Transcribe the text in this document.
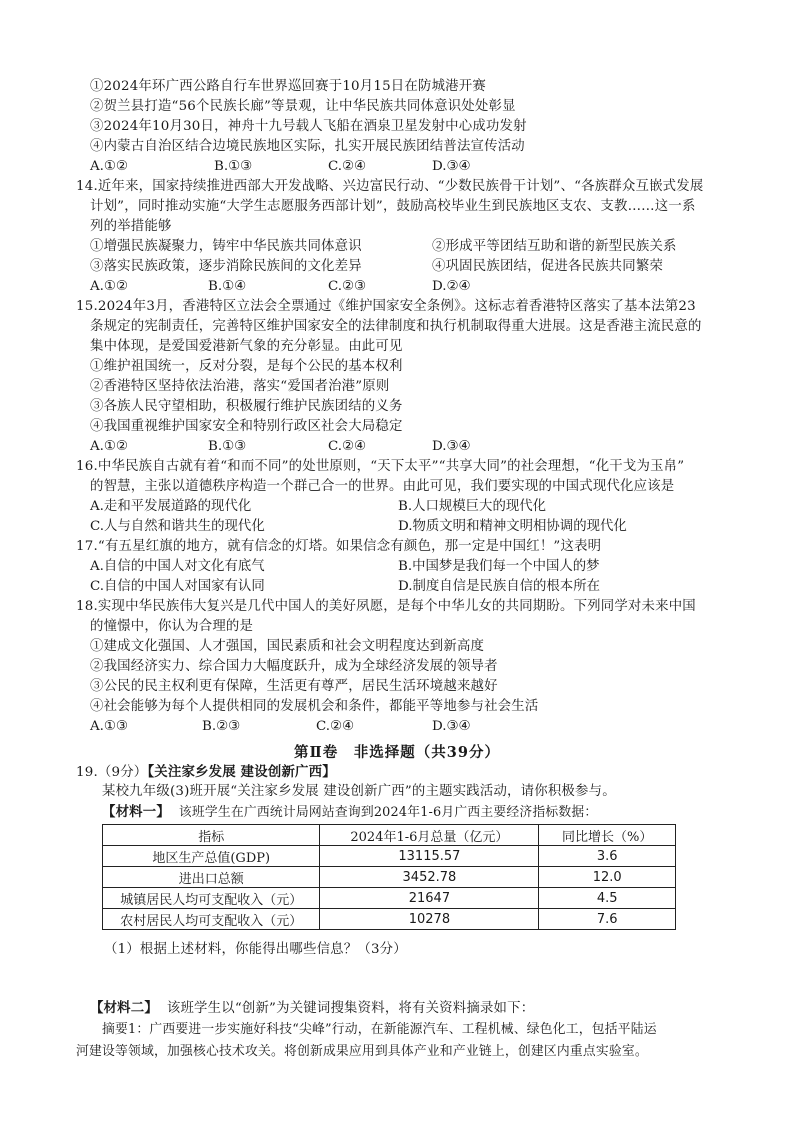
①2024年环广西公路自行车世界巡回赛于10月15日在防城港开赛
②贺兰县打造“56个民族长廊”等景观，让中华民族共同体意识处处彰显
③2024年10月30日，神舟十九号载人飞船在酒泉卫星发射中心成功发射
④内蒙古自治区结合边境民族地区实际，扎实开展民族团结普法宣传活动
A.①②	B.①③	C.②④	D.③④
14.近年来，国家持续推进西部大开发战略、兴边富民行动、“少数民族骨干计划”、“各族群众互嵌式发展
计划”，同时推动实施“大学生志愿服务西部计划”，鼓励高校毕业生到民族地区支农、支教……这一系
列的举措能够
①增强民族凝聚力，铸牢中华民族共同体意识	②形成平等团结互助和谐的新型民族关系
③落实民族政策，逐步消除民族间的文化差异	④巩固民族团结，促进各民族共同繁荣
A.①②	B.①④	C.②③	D.②④
15.2024年3月，香港特区立法会全票通过《维护国家安全条例》。这标志着香港特区落实了基本法第23
条规定的宪制责任，完善特区维护国家安全的法律制度和执行机制取得重大进展。这是香港主流民意的
集中体现，是爱国爱港新气象的充分彰显。由此可见
①维护祖国统一，反对分裂，是每个公民的基本权利
②香港特区坚持依法治港，落实“爱国者治港”原则
③各族人民守望相助，积极履行维护民族团结的义务
④我国重视维护国家安全和特别行政区社会大局稳定
A.①②	B.①③	C.②④	D.③④
16.中华民族自古就有着“和而不同”的处世原则，“天下太平”“共享大同”的社会理想，“化干戈为玉帛”
的智慧，主张以道德秩序构造一个群己合一的世界。由此可见，我们要实现的中国式现代化应该是
A.走和平发展道路的现代化	B.人口规模巨大的现代化
C.人与自然和谐共生的现代化	D.物质文明和精神文明相协调的现代化
17.“有五星红旗的地方，就有信念的灯塔。如果信念有颜色，那一定是中国红！”这表明
A.自信的中国人对文化有底气	B.中国梦是我们每一个中国人的梦
C.自信的中国人对国家有认同	D.制度自信是民族自信的根本所在
18.实现中华民族伟大复兴是几代中国人的美好夙愿，是每个中华儿女的共同期盼。下列同学对未来中国
的憧憬中，你认为合理的是
①建成文化强国、人才强国，国民素质和社会文明程度达到新高度
②我国经济实力、综合国力大幅度跃升，成为全球经济发展的领导者
③公民的民主权利更有保障，生活更有尊严，居民生活环境越来越好
④社会能够为每个人提供相同的发展机会和条件，都能平等地参与社会生活
A.①③	B.②③	C.②④	D.③④
第Ⅱ卷　非选择题（共39分）
19.（9分）【关注家乡发展 建设创新广西】
某校九年级(3)班开展“关注家乡发展 建设创新广西”的主题实践活动，请你积极参与。
【材料一】 该班学生在广西统计局网站查询到2024年1-6月广西主要经济指标数据：
指标	2024年1-6月总量（亿元）	同比增长（%）
地区生产总值(GDP)	13115.57	3.6
进出口总额	3452.78	12.0
城镇居民人均可支配收入（元）	21647	4.5
农村居民人均可支配收入（元）	10278	7.6
（1）根据上述材料，你能得出哪些信息？（3分）
【材料二】 该班学生以“创新”为关键词搜集资料，将有关资料摘录如下：
摘要1：广西要进一步实施好科技“尖峰”行动，在新能源汽车、工程机械、绿色化工，包括平陆运
河建设等领域，加强核心技术攻关。将创新成果应用到具体产业和产业链上，创建区内重点实验室。
